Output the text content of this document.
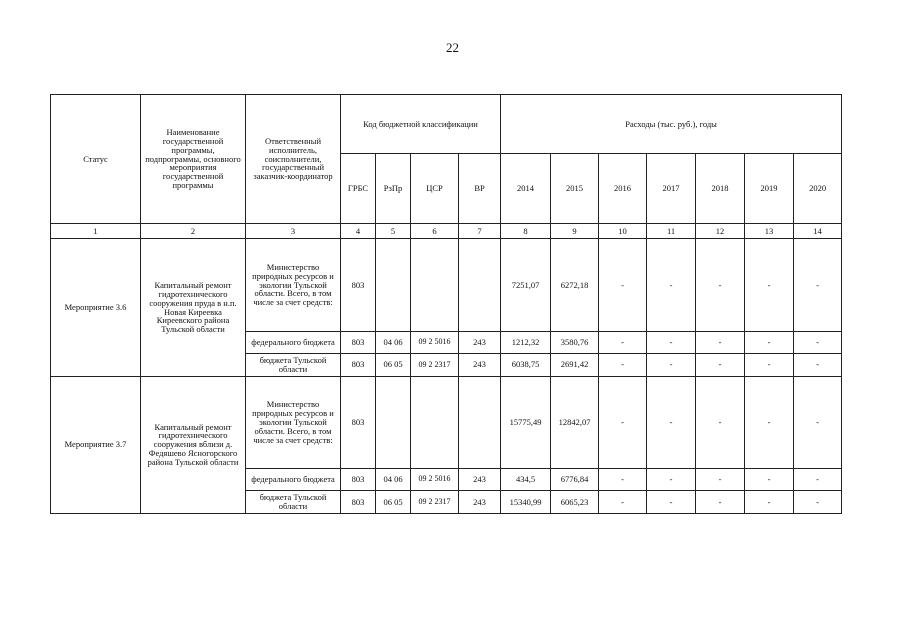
22
Статус	Наименование государственной программы, подпрограммы, основного мероприятия государственной программы	Ответственный исполнитель, соисполнители, государственный заказчик-координатор	Код бюджетной классификации				Расходы (тыс. руб.), годы						
			ГРБС	РзПр	ЦСР	ВР	2014	2015	2016	2017	2018	2019	2020
1	2	3	4	5	6	7	8	9	10	11	12	13	14
Мероприятие 3.6	Капитальный ремонт гидротехнического сооружения пруда в н.п. Новая Киреевка Киреевского района Тульской области	Министерство природных ресурсов и экологии Тульской области. Всего, в том числе за счет средств:	803				7251,07	6272,18	-	-	-	-	-
		федерального бюджета	803	04 06	09 2 5016	243	1212,32	3580,76	-	-	-	-	-
		бюджета Тульской области	803	06 05	09 2 2317	243	6038,75	2691,42	-	-	-	-	-
Мероприятие 3.7	Капитальный ремонт гидротехнического сооружения вблизи д. Федяшево Ясногорского района Тульской области	Министерство природных ресурсов и экологии Тульской области. Всего, в том числе за счет средств:	803				15775,49	12842,07	-	-	-	-	-
		федерального бюджета	803	04 06	09 2 5016	243	434,5	6776,84	-	-	-	-	-
		бюджета Тульской области	803	06 05	09 2 2317	243	15340,99	6065,23	-	-	-	-	-
